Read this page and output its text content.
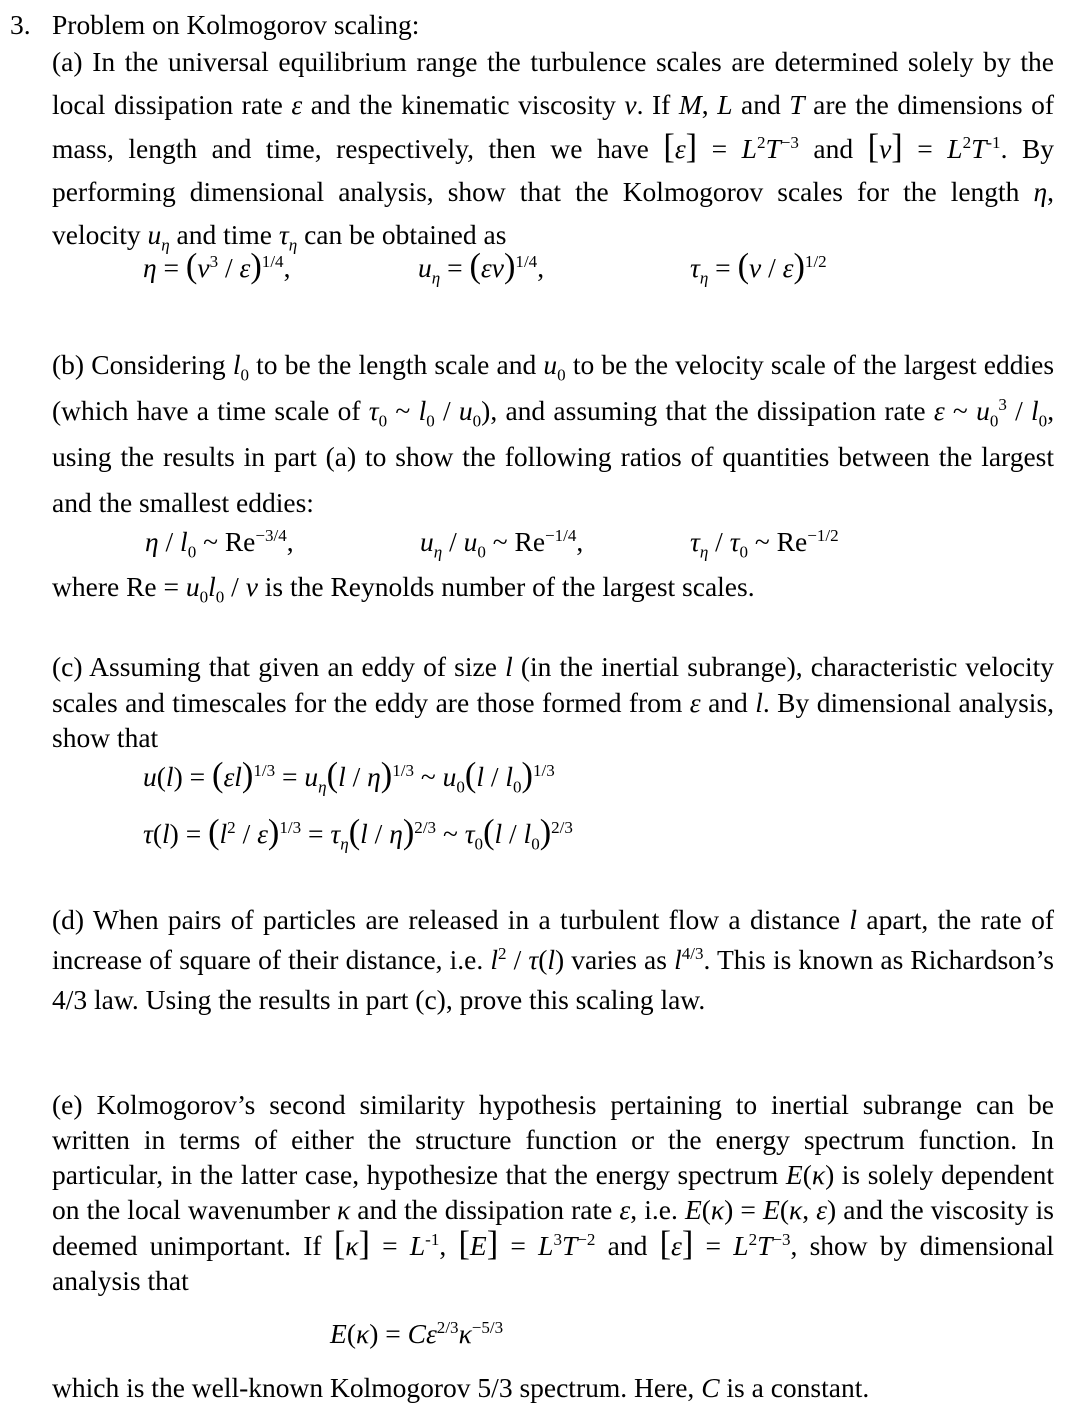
3. Problem on Kolmogorov scaling:
(a) In the universal equilibrium range the turbulence scales are determined solely by the local dissipation rate ε and the kinematic viscosity ν. If M, L and T are the dimensions of mass, length and time, respectively, then we have $[\varepsilon] = L^2T^{-3}$ and $[\nu] = L^2T^{-1}$. By performing dimensional analysis, show that the Kolmogorov scales for the length η, velocity $u_\eta$ and time $\tau_\eta$ can be obtained as
$\eta = (\nu^3 / \varepsilon)^{1/4}$,	$u_\eta = (\varepsilon\nu)^{1/4}$,	$\tau_\eta = (\nu / \varepsilon)^{1/2}$
(b) Considering $l_0$ to be the length scale and $u_0$ to be the velocity scale of the largest eddies (which have a time scale of $\tau_0$ ~ $l_0 / u_0$), and assuming that the dissipation rate ε ~ $u_0^3 / l_0$, using the results in part (a) to show the following ratios of quantities between the largest and the smallest eddies:
η / $l_0$ ~ $Re^{-3/4}$,	$u_\eta / u_0$ ~ $Re^{-1/4}$,	$\tau_\eta / \tau_0$ ~ $Re^{-1/2}$
where $Re = u_0l_0 / \nu$ is the Reynolds number of the largest scales.
(c) Assuming that given an eddy of size l (in the inertial subrange), characteristic velocity scales and timescales for the eddy are those formed from ε and l. By dimensional analysis, show that
$u(l) = (\varepsilon l)^{1/3} = u_\eta(l / \eta)^{1/3}$ ~ $u_0(l / l_0)^{1/3}$
$\tau(l) = (l^2 / \varepsilon)^{1/3} = \tau_\eta(l / \eta)^{2/3}$ ~ $\tau_0(l / l_0)^{2/3}$
(d) When pairs of particles are released in a turbulent flow a distance l apart, the rate of increase of square of their distance, i.e. $l^2 / \tau(l)$ varies as $l^{4/3}$. This is known as Richardson’s 4/3 law. Using the results in part (c), prove this scaling law.
(e) Kolmogorov’s second similarity hypothesis pertaining to inertial subrange can be written in terms of either the structure function or the energy spectrum function. In particular, in the latter case, hypothesize that the energy spectrum E(κ) is solely dependent on the local wavenumber κ and the dissipation rate ε, i.e. E(κ) = E(κ, ε) and the viscosity is deemed unimportant. If $[\kappa] = L^{-1}$, $[E] = L^3T^{-2}$ and $[\varepsilon] = L^2T^{-3}$, show by dimensional analysis that
$E(\kappa) = C\varepsilon^{2/3}\kappa^{-5/3}$
which is the well-known Kolmogorov 5/3 spectrum. Here, C is a constant.
